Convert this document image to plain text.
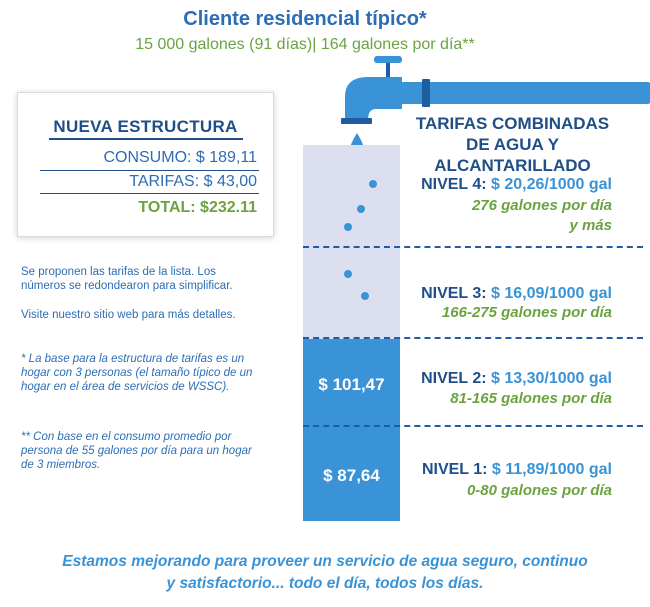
Cliente residencial típico*
15 000 galones (91 días)| 164 galones por día**
NUEVA ESTRUCTURA
CONSUMO: $ 189,11
TARIFAS: $ 43,00
TOTAL: $232.11
Se proponen las tarifas de la lista. Los números se redondearon para simplificar.
Visite nuestro sitio web para más detalles.
* La base para la estructura de tarifas es un hogar con 3 personas (el tamaño típico de un hogar en el área de servicios de WSSC).
** Con base en el consumo promedio por persona de 55 galones por día para un hogar de 3 miembros.
$ 101,47
$ 87,64
TARIFAS COMBINADAS
DE AGUA Y
ALCANTARILLADO
NIVEL 4: $ 20,26/1000 gal
276 galones por día
y más
NIVEL 3: $ 16,09/1000 gal
166-275 galones por día
NIVEL 2: $ 13,30/1000 gal
81-165 galones por día
NIVEL 1: $ 11,89/1000 gal
0-80 galones por día
Estamos mejorando para proveer un servicio de agua seguro, continuo
y satisfactorio... todo el día, todos los días.
